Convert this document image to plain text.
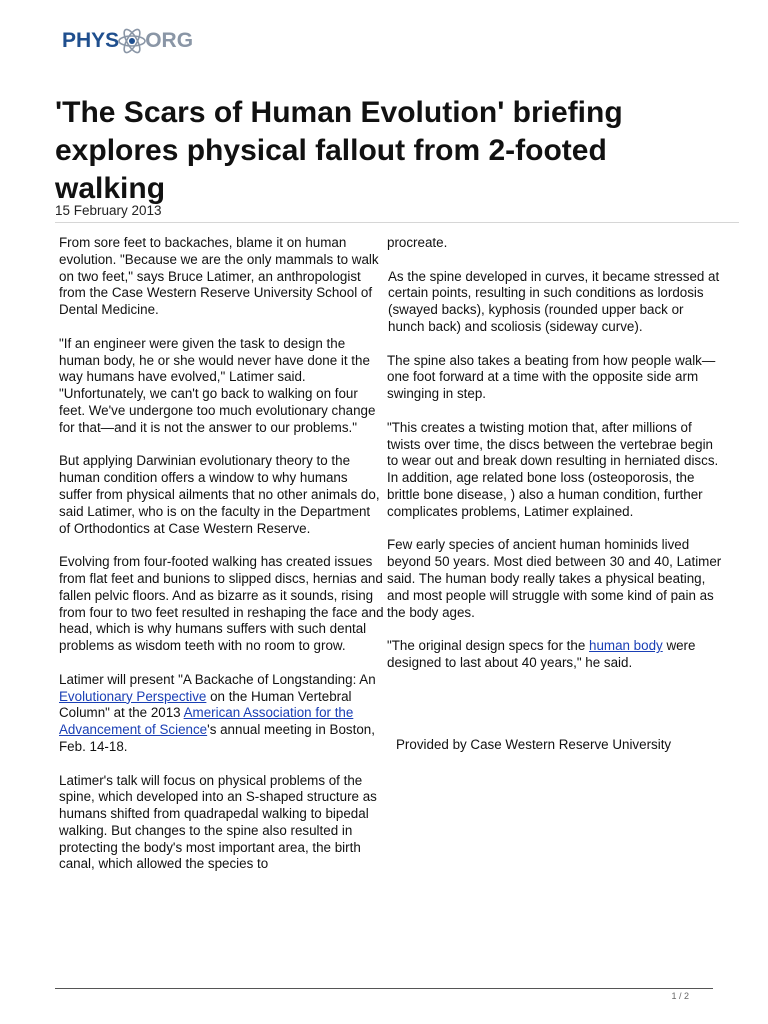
PHYS ORG
'The Scars of Human Evolution' briefing explores physical fallout from 2-footed walking
15 February 2013

From sore feet to backaches, blame it on human evolution. "Because we are the only mammals to walk on two feet," says Bruce Latimer, an anthropologist from the Case Western Reserve University School of Dental Medicine.

"If an engineer were given the task to design the human body, he or she would never have done it the way humans have evolved," Latimer said. "Unfortunately, we can't go back to walking on four feet. We've undergone too much evolutionary change for that—and it is not the answer to our problems."

But applying Darwinian evolutionary theory to the human condition offers a window to why humans suffer from physical ailments that no other animals do, said Latimer, who is on the faculty in the Department of Orthodontics at Case Western Reserve.

Evolving from four-footed walking has created issues from flat feet and bunions to slipped discs, hernias and fallen pelvic floors. And as bizarre as it sounds, rising from four to two feet resulted in reshaping the face and head, which is why humans suffers with such dental problems as wisdom teeth with no room to grow.

Latimer will present "A Backache of Longstanding: An Evolutionary Perspective on the Human Vertebral Column" at the 2013 American Association for the Advancement of Science's annual meeting in Boston, Feb. 14-18.

Latimer's talk will focus on physical problems of the spine, which developed into an S-shaped structure as humans shifted from quadrapedal walking to bipedal walking. But changes to the spine also resulted in protecting the body's most important area, the birth canal, which allowed the species to

procreate.

As the spine developed in curves, it became stressed at certain points, resulting in such conditions as lordosis (swayed backs), kyphosis (rounded upper back or hunch back) and scoliosis (sideway curve).

The spine also takes a beating from how people walk—one foot forward at a time with the opposite side arm swinging in step.

"This creates a twisting motion that, after millions of twists over time, the discs between the vertebrae begin to wear out and break down resulting in herniated discs. In addition, age related bone loss (osteoporosis, the brittle bone disease, ) also a human condition, further complicates problems, Latimer explained.

Few early species of ancient human hominids lived beyond 50 years. Most died between 30 and 40, Latimer said. The human body really takes a physical beating, and most people will struggle with some kind of pain as the body ages.

"The original design specs for the human body were designed to last about 40 years," he said.

Provided by Case Western Reserve University
1 / 2
